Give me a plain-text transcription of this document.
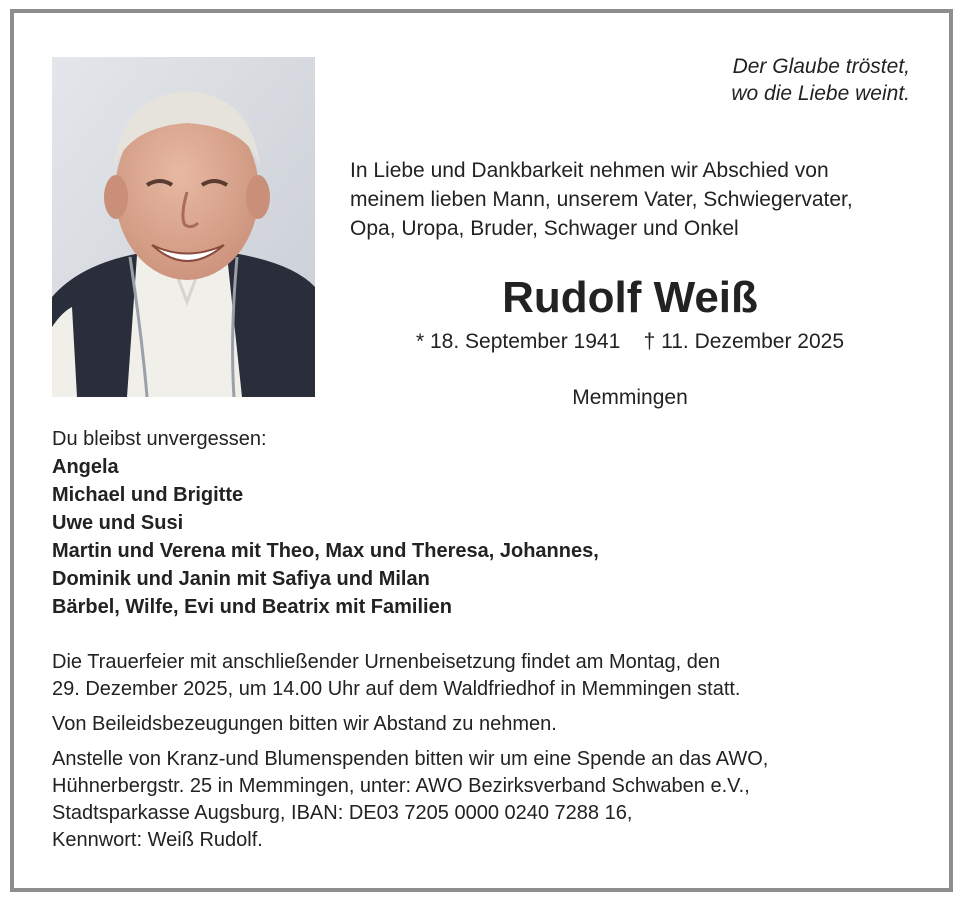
Der Glaube tröstet,
wo die Liebe weint.
In Liebe und Dankbarkeit nehmen wir Abschied von
meinem lieben Mann, unserem Vater, Schwiegervater,
Opa, Uropa, Bruder, Schwager und Onkel
Rudolf Weiß
* 18. September 1941    † 11. Dezember 2025
Memmingen
Du bleibst unvergessen:
Angela
Michael und Brigitte
Uwe und Susi
Martin und Verena mit Theo, Max und Theresa, Johannes,
Dominik und Janin mit Safiya und Milan
Bärbel, Wilfe, Evi und Beatrix mit Familien

Die Trauerfeier mit anschließender Urnenbeisetzung findet am Montag, den
29. Dezember 2025, um 14.00 Uhr auf dem Waldfriedhof in Memmingen statt.

Von Beileidsbezeugungen bitten wir Abstand zu nehmen.

Anstelle von Kranz-und Blumenspenden bitten wir um eine Spende an das AWO,
Hühnerbergstr. 25 in Memmingen, unter: AWO Bezirksverband Schwaben e.V.,
Stadtsparkasse Augsburg, IBAN: DE03 7205 0000 0240 7288 16,
Kennwort: Weiß Rudolf.
